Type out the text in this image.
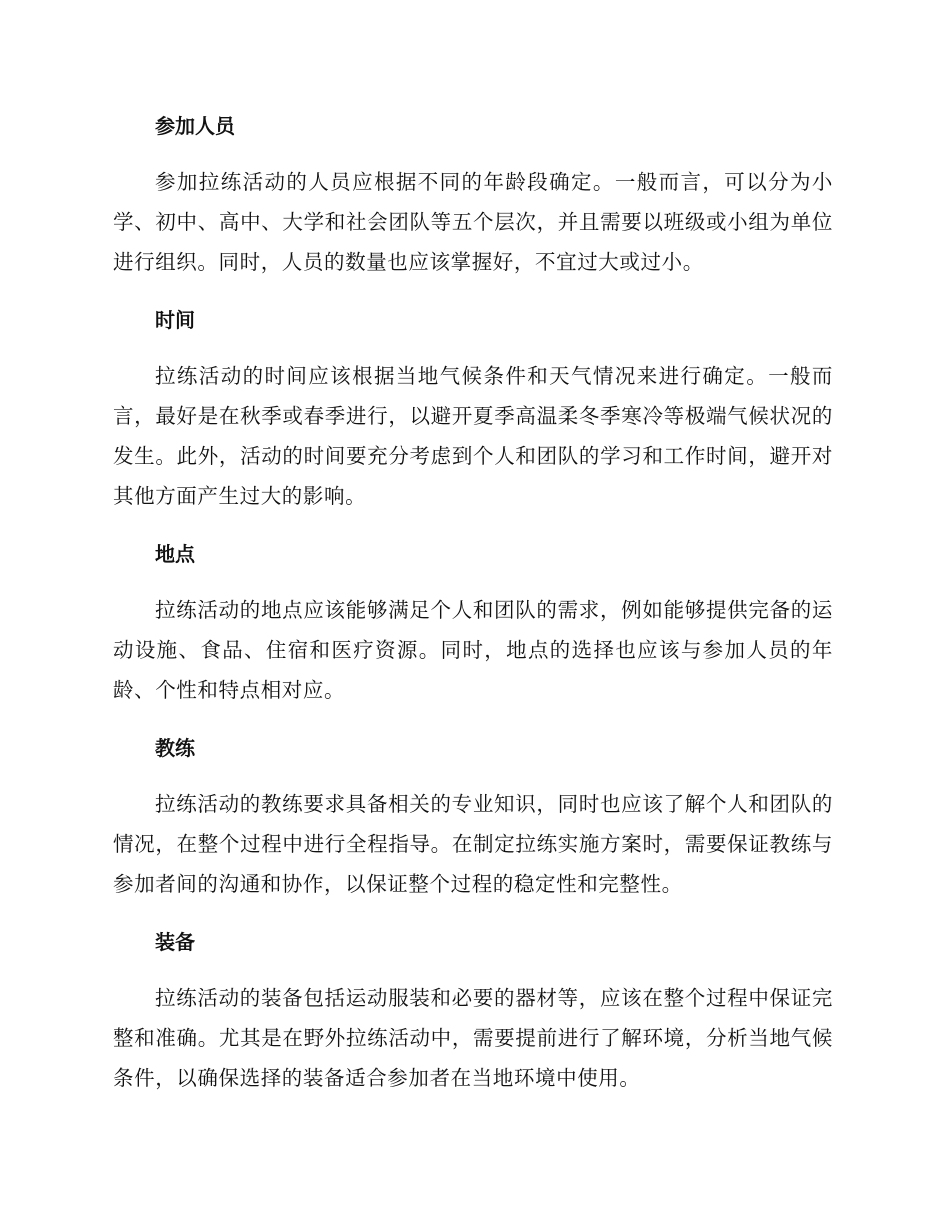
参加人员

参加拉练活动的人员应根据不同的年龄段确定。一般而言，可以分为小学、初中、高中、大学和社会团队等五个层次，并且需要以班级或小组为单位进行组织。同时，人员的数量也应该掌握好，不宜过大或过小。

时间

拉练活动的时间应该根据当地气候条件和天气情况来进行确定。一般而言，最好是在秋季或春季进行，以避开夏季高温柔冬季寒冷等极端气候状况的发生。此外，活动的时间要充分考虑到个人和团队的学习和工作时间，避开对其他方面产生过大的影响。

地点

拉练活动的地点应该能够满足个人和团队的需求，例如能够提供完备的运动设施、食品、住宿和医疗资源。同时，地点的选择也应该与参加人员的年龄、个性和特点相对应。

教练

拉练活动的教练要求具备相关的专业知识，同时也应该了解个人和团队的情况，在整个过程中进行全程指导。在制定拉练实施方案时，需要保证教练与参加者间的沟通和协作，以保证整个过程的稳定性和完整性。

装备

拉练活动的装备包括运动服装和必要的器材等，应该在整个过程中保证完整和准确。尤其是在野外拉练活动中，需要提前进行了解环境，分析当地气候条件，以确保选择的装备适合参加者在当地环境中使用。
